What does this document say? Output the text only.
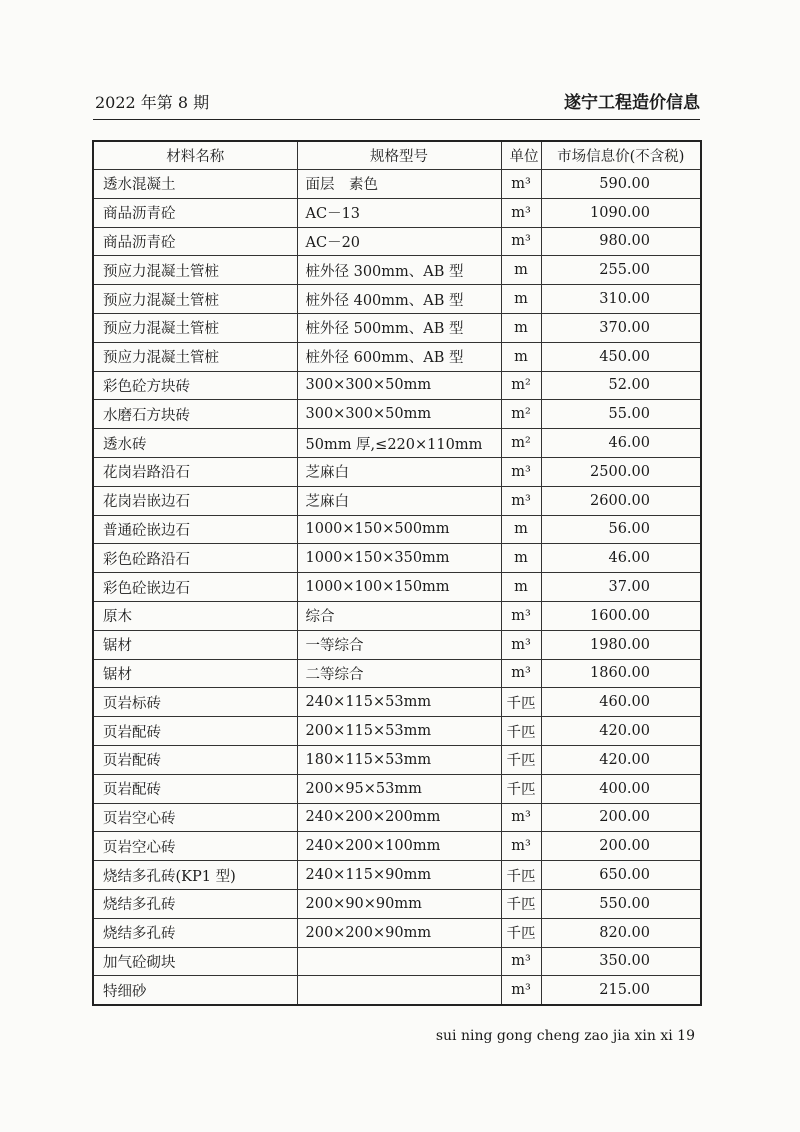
2022 年第 8 期	遂宁工程造价信息
材料名称	规格型号	单位	市场信息价(不含税)
透水混凝土	面层　素色	m³	590.00
商品沥青砼	AC－13	m³	1090.00
商品沥青砼	AC－20	m³	980.00
预应力混凝土管桩	桩外径 300mm、AB 型	m	255.00
预应力混凝土管桩	桩外径 400mm、AB 型	m	310.00
预应力混凝土管桩	桩外径 500mm、AB 型	m	370.00
预应力混凝土管桩	桩外径 600mm、AB 型	m	450.00
彩色砼方块砖	300×300×50mm	m²	52.00
水磨石方块砖	300×300×50mm	m²	55.00
透水砖	50mm 厚,≤220×110mm	m²	46.00
花岗岩路沿石	芝麻白	m³	2500.00
花岗岩嵌边石	芝麻白	m³	2600.00
普通砼嵌边石	1000×150×500mm	m	56.00
彩色砼路沿石	1000×150×350mm	m	46.00
彩色砼嵌边石	1000×100×150mm	m	37.00
原木	综合	m³	1600.00
锯材	一等综合	m³	1980.00
锯材	二等综合	m³	1860.00
页岩标砖	240×115×53mm	千匹	460.00
页岩配砖	200×115×53mm	千匹	420.00
页岩配砖	180×115×53mm	千匹	420.00
页岩配砖	200×95×53mm	千匹	400.00
页岩空心砖	240×200×200mm	m³	200.00
页岩空心砖	240×200×100mm	m³	200.00
烧结多孔砖(KP1 型)	240×115×90mm	千匹	650.00
烧结多孔砖	200×90×90mm	千匹	550.00
烧结多孔砖	200×200×90mm	千匹	820.00
加气砼砌块		m³	350.00
特细砂		m³	215.00
sui ning gong cheng zao jia xin xi 19
